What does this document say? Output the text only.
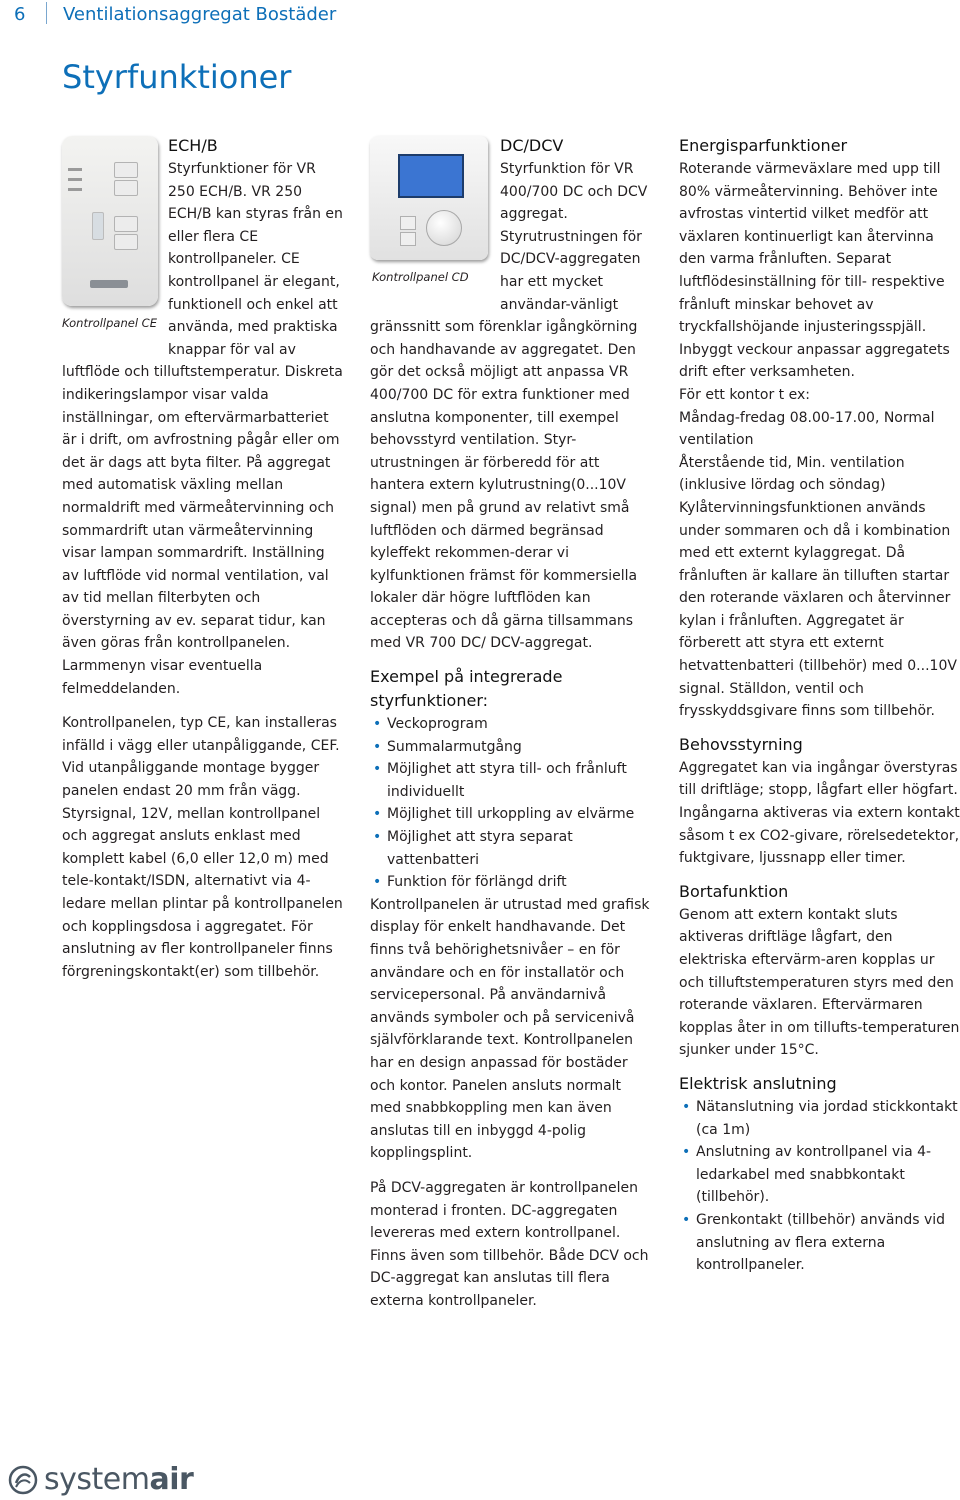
6 Ventilationsaggregat Bostäder
Styrfunktioner
Kontrollpanel CE
Kontrollpanel CD

ECH/B

Styrfunktioner för VR 250 ECH/B. VR 250 ECH/B kan styras från en eller flera CE kontrollpaneler. CE kontrollpanel är elegant, funktionell och enkel att använda, med praktiska knappar för val av luftflöde och tilluftstemperatur. Diskreta indikeringslampor visar valda inställningar, om eftervärmarbatteriet är i drift, om avfrostning pågår eller om det är dags att byta filter. På aggregat med automatisk växling mellan normaldrift med värmeåtervinning och sommardrift utan värmeåtervinning visar lampan sommardrift. Inställning av luftflöde vid normal ventilation, val av tid mellan filterbyten och överstyrning av ev. separat tidur, kan även göras från kontrollpanelen. Larmmenyn visar eventuella felmeddelanden.

Kontrollpanelen, typ CE, kan installeras infälld i vägg eller utanpåliggande, CEF. Vid utanpåliggande montage bygger panelen endast 20 mm från vägg. Styrsignal, 12V, mellan kontrollpanel och aggregat ansluts enklast med komplett kabel (6,0 eller 12,0 m) med tele-kontakt/ISDN, alternativt via 4-ledare mellan plintar på kontrollpanelen och kopplingsdosa i aggregatet. För anslutning av fler kontrollpaneler finns förgreningskontakt(er) som tillbehör.

DC/DCV

Styrfunktion för VR 400/700 DC och DCV aggregat. Styrutrustningen för DC/DCV-aggregaten har ett mycket användar-vänligt gränssnitt som förenklar igångkörning och handhavande av aggregatet. Den gör det också möjligt att anpassa VR 400/700 DC för extra funktioner med anslutna komponenter, till exempel behovsstyrd ventilation. Styr-utrustningen är förberedd för att hantera extern kylutrustning(0...10V signal) men på grund av relativt små luftflöden och därmed begränsad kyleffekt rekommen-derar vi kylfunktionen främst för kommersiella lokaler där högre luftflöden kan accepteras och då gärna tillsammans med VR 700 DC/ DCV-aggregat.

Exempel på integrerade styrfunktioner:

• Veckoprogram
• Summalarmutgång
• Möjlighet att styra till- och frånluft individuellt
• Möjlighet till urkoppling av elvärme
• Möjlighet att styra separat vattenbatteri
• Funktion för förlängd drift

Kontrollpanelen är utrustad med grafisk display för enkelt handhavande. Det finns två behörighetsnivåer – en för användare och en för installatör och servicepersonal. På användarnivå används symboler och på servicenivå självförklarande text. Kontrollpanelen har en design anpassad för bostäder och kontor. Panelen ansluts normalt med snabbkoppling men kan även anslutas till en inbyggd 4-polig kopplingsplint.

På DCV-aggregaten är kontrollpanelen monterad i fronten. DC-aggregaten levereras med extern kontrollpanel. Finns även som tillbehör. Både DCV och DC-aggregat kan anslutas till flera externa kontrollpaneler.

Energisparfunktioner

Roterande värmeväxlare med upp till 80% värmeåtervinning. Behöver inte avfrostas vintertid vilket medför att växlaren kontinuerligt kan återvinna den varma frånluften. Separat luftflödesinställning för till- respektive frånluft minskar behovet av tryckfallshöjande injusteringsspjäll. Inbyggt veckour anpassar aggregatets drift efter verksamheten.

För ett kontor t ex:

Måndag-fredag 08.00-17.00, Normal ventilation

Återstående tid, Min. ventilation (inklusive lördag och söndag)

Kylåtervinningsfunktionen används under sommaren och då i kombination med ett externt kylaggregat. Då frånluften är kallare än tilluften startar den roterande växlaren och återvinner kylan i frånluften. Aggregatet är förberett att styra ett externt hetvattenbatteri (tillbehör) med 0...10V signal. Ställdon, ventil och frysskyddsgivare finns som tillbehör.

Behovsstyrning

Aggregatet kan via ingångar överstyras till driftläge; stopp, lågfart eller högfart. Ingångarna aktiveras via extern kontakt såsom t ex CO2-givare, rörelsedetektor, fuktgivare, ljussnapp eller timer.

Bortafunktion

Genom att extern kontakt sluts aktiveras driftläge lågfart, den elektriska eftervärm-aren kopplas ur och tilluftstemperaturen styrs med den roterande växlaren. Eftervärmaren kopplas åter in om tillufts-temperaturen sjunker under 15°C.

Elektrisk anslutning

• Nätanslutning via jordad stickkontakt (ca 1m)
• Anslutning av kontrollpanel via 4-ledarkabel med snabbkontakt (tillbehör).
• Grenkontakt (tillbehör) används vid anslutning av flera externa kontrollpaneler.
systemair
